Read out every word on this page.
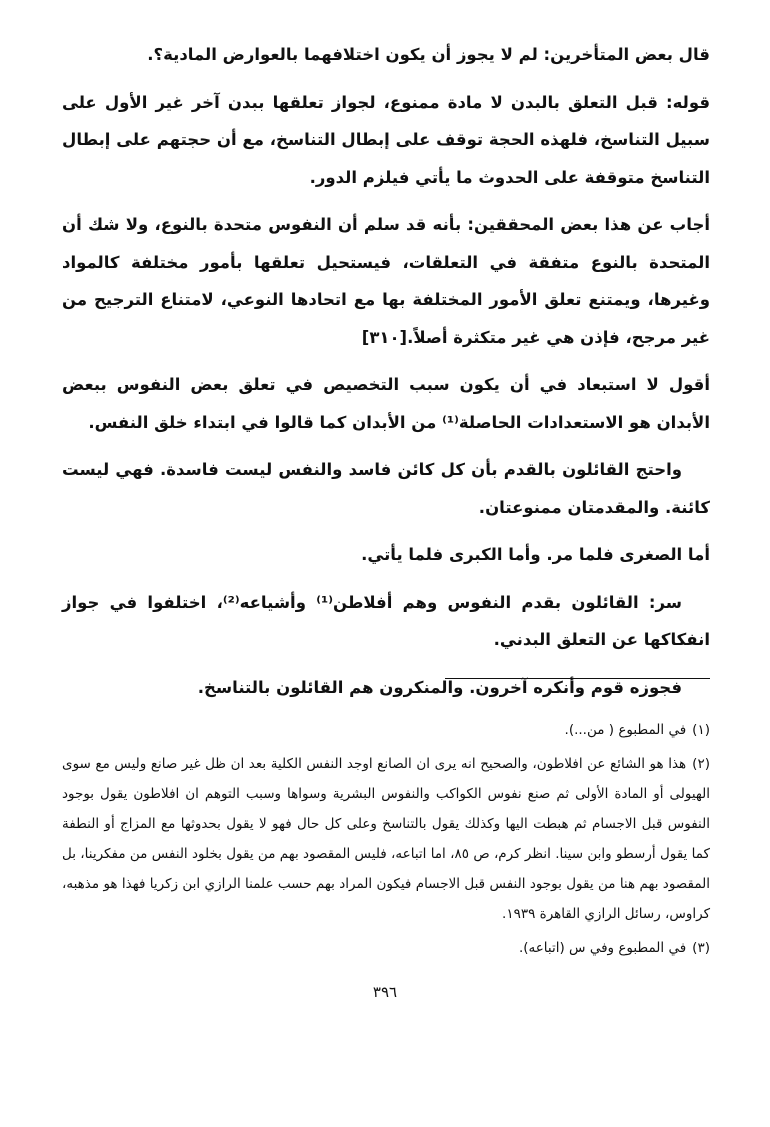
قال بعض المتأخرين: لم لا يجوز أن يكون اختلافهما بالعوارض المادية؟.

قوله: قبل التعلق بالبدن لا مادة ممنوع، لجواز تعلقها ببدن آخر غير الأول على سبيل التناسخ، فلهذه الحجة توقف على إبطال التناسخ، مع أن حجتهم على إبطال التناسخ متوقفة على الحدوث ما يأتي فيلزم الدور.

أجاب عن هذا بعض المحققين: بأنه قد سلم أن النفوس متحدة بالنوع، ولا شك أن المتحدة بالنوع متفقة في التعلقات، فيستحيل تعلقها بأمور مختلفة كالمواد وغيرها، ويمتنع تعلق الأمور المختلفة بها مع اتحادها النوعي، لامتناع الترجيح من غير مرجح، فإذن هي غير متكثرة أصلاً.[٣١٠]

أقول لا استبعاد في أن يكون سبب التخصيص في تعلق بعض النفوس ببعض الأبدان هو الاستعدادات الحاصلة⁽¹⁾ من الأبدان كما قالوا في ابتداء خلق النفس.

واحتج القائلون بالقدم بأن كل كائن فاسد والنفس ليست فاسدة. فهي ليست كائنة. والمقدمتان ممنوعتان.

أما الصغرى فلما مر. وأما الكبرى فلما يأتي.

سر: القائلون بقدم النفوس وهم أفلاطن⁽¹⁾ وأشياعه⁽²⁾، اختلفوا في جواز انفكاكها عن التعلق البدني.

فجوزه قوم وأنكره آخرون. والمنكرون هم القائلون بالتناسخ.

(١)في المطبوع ( من...).

(٢)هذا هو الشائع عن افلاطون، والصحيح انه يرى ان الصانع اوجد النفس الكلية بعد ان ظل غير صانع وليس مع سوى الهيولى أو المادة الأولى ثم صنع نفوس الكواكب والنفوس البشرية وسواها وسبب التوهم ان افلاطون يقول بوجود النفوس قبل الاجسام ثم هبطت اليها وكذلك يقول بالتناسخ وعلى كل حال فهو لا يقول بحدوثها مع المزاج أو النطفة كما يقول أرسطو وابن سينا. انظر كرم، ص ٨٥، اما اتباعه، فليس المقصود بهم من يقول بخلود النفس من مفكرينا، بل المقصود بهم هنا من يقول بوجود النفس قبل الاجسام فيكون المراد بهم حسب علمنا الرازي ابن زكريا فهذا هو مذهبه، كراوس، رسائل الرازي القاهرة ١٩٣٩.

(٣)في المطبوع وفي س (اتباعه).

٣٩٦
